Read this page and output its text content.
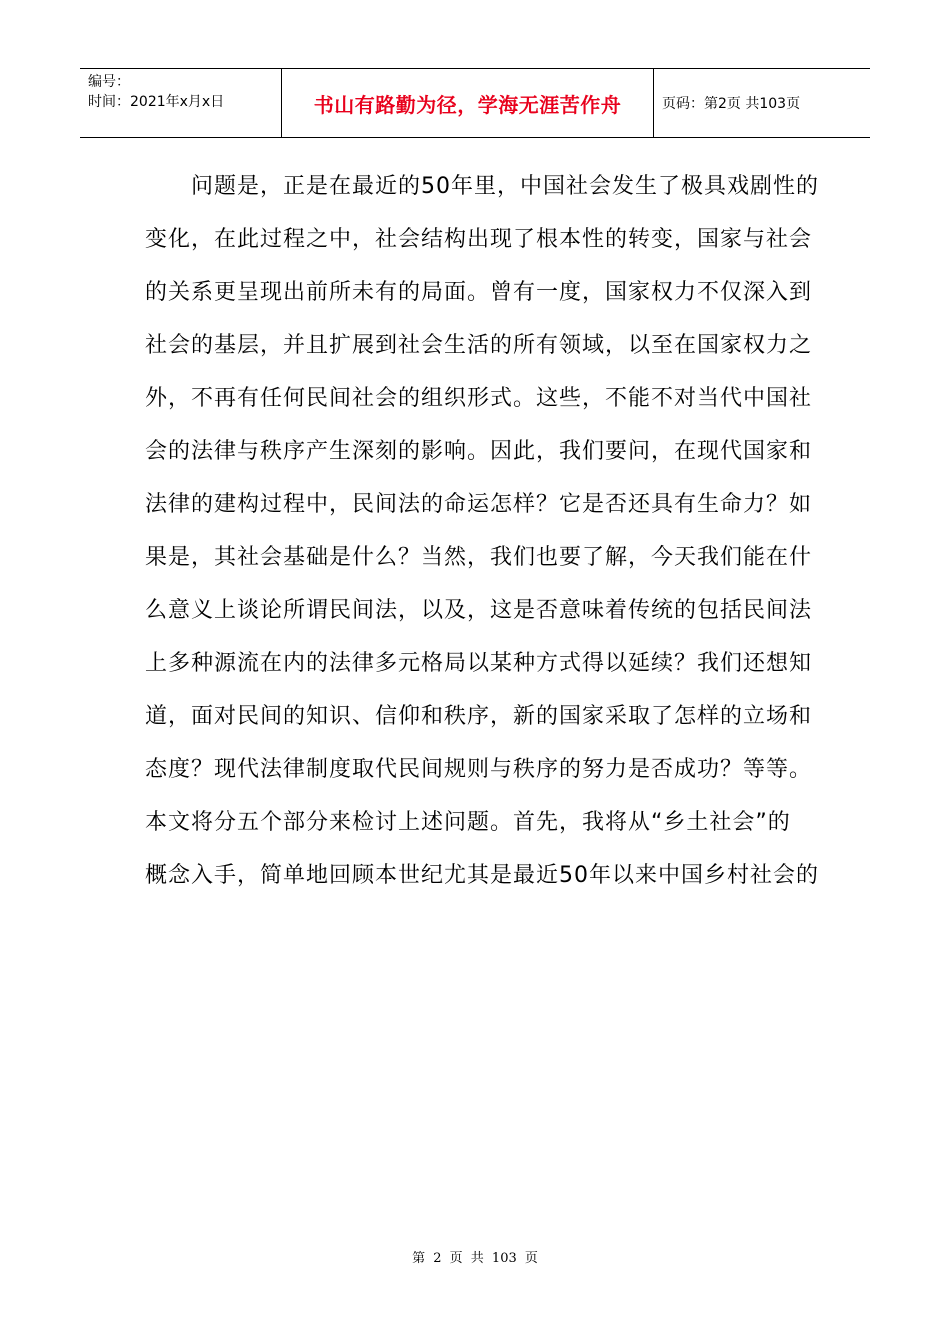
编号：
时间：2021年x月x日	书山有路勤为径，学海无涯苦作舟	页码：第2页 共103页
问题是，正是在最近的50年里，中国社会发生了极具戏剧性的
变化，在此过程之中，社会结构出现了根本性的转变，国家与社会
的关系更呈现出前所未有的局面。曾有一度，国家权力不仅深入到
社会的基层，并且扩展到社会生活的所有领域，以至在国家权力之
外，不再有任何民间社会的组织形式。这些，不能不对当代中国社
会的法律与秩序产生深刻的影响。因此，我们要问，在现代国家和
法律的建构过程中，民间法的命运怎样？它是否还具有生命力？如
果是，其社会基础是什么？当然，我们也要了解，今天我们能在什
么意义上谈论所谓民间法，以及，这是否意味着传统的包括民间法
上多种源流在内的法律多元格局以某种方式得以延续？我们还想知
道，面对民间的知识、信仰和秩序，新的国家采取了怎样的立场和
态度？现代法律制度取代民间规则与秩序的努力是否成功？等等。
本文将分五个部分来检讨上述问题。首先，我将从“乡土社会”的
概念入手，简单地回顾本世纪尤其是最近50年以来中国乡村社会的
第 2 页 共 103 页
